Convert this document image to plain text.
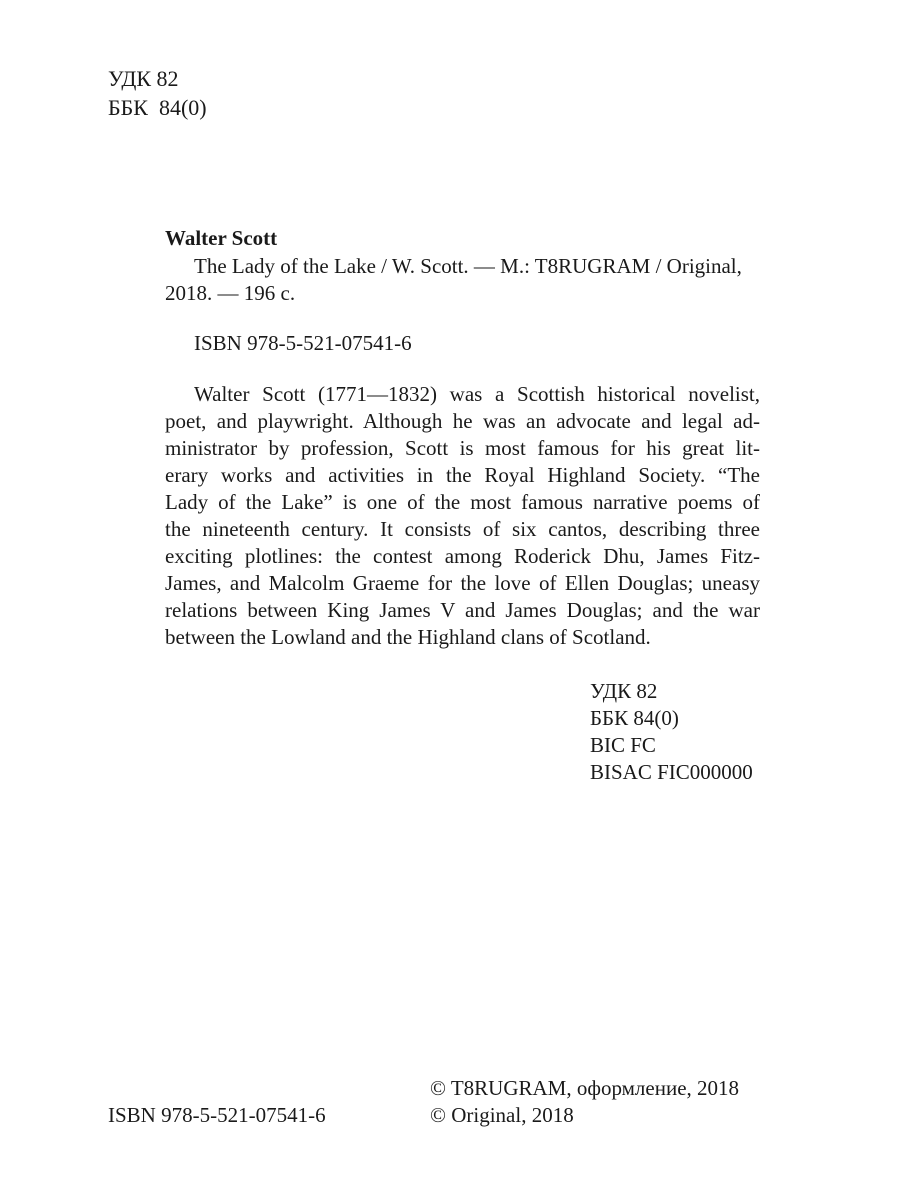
УДК 82
ББК  84(0)
Walter Scott
The Lady of the Lake / W. Scott. — M.: T8RUGRAM / Original,
2018. — 196 с.
ISBN 978-5-521-07541-6
Walter Scott (1771—1832) was a Scottish historical novelist,
poet, and playwright. Although he was an advocate and legal ad-
ministrator by profession, Scott is most famous for his great lit-
erary works and activities in the Royal Highland Society. “The
Lady of the Lake” is one of the most famous narrative poems of
the nineteenth century. It consists of six cantos, describing three
exciting plotlines: the contest among Roderick Dhu, James Fitz-
James, and Malcolm Graeme for the love of Ellen Douglas; uneasy
relations between King James V and James Douglas; and the war
between the Lowland and the Highland clans of Scotland.
УДК 82
ББК 84(0)
BIC FC
BISAC FIC000000
ISBN 978-5-521-07541-6
© T8RUGRAM, оформление, 2018
© Original, 2018
